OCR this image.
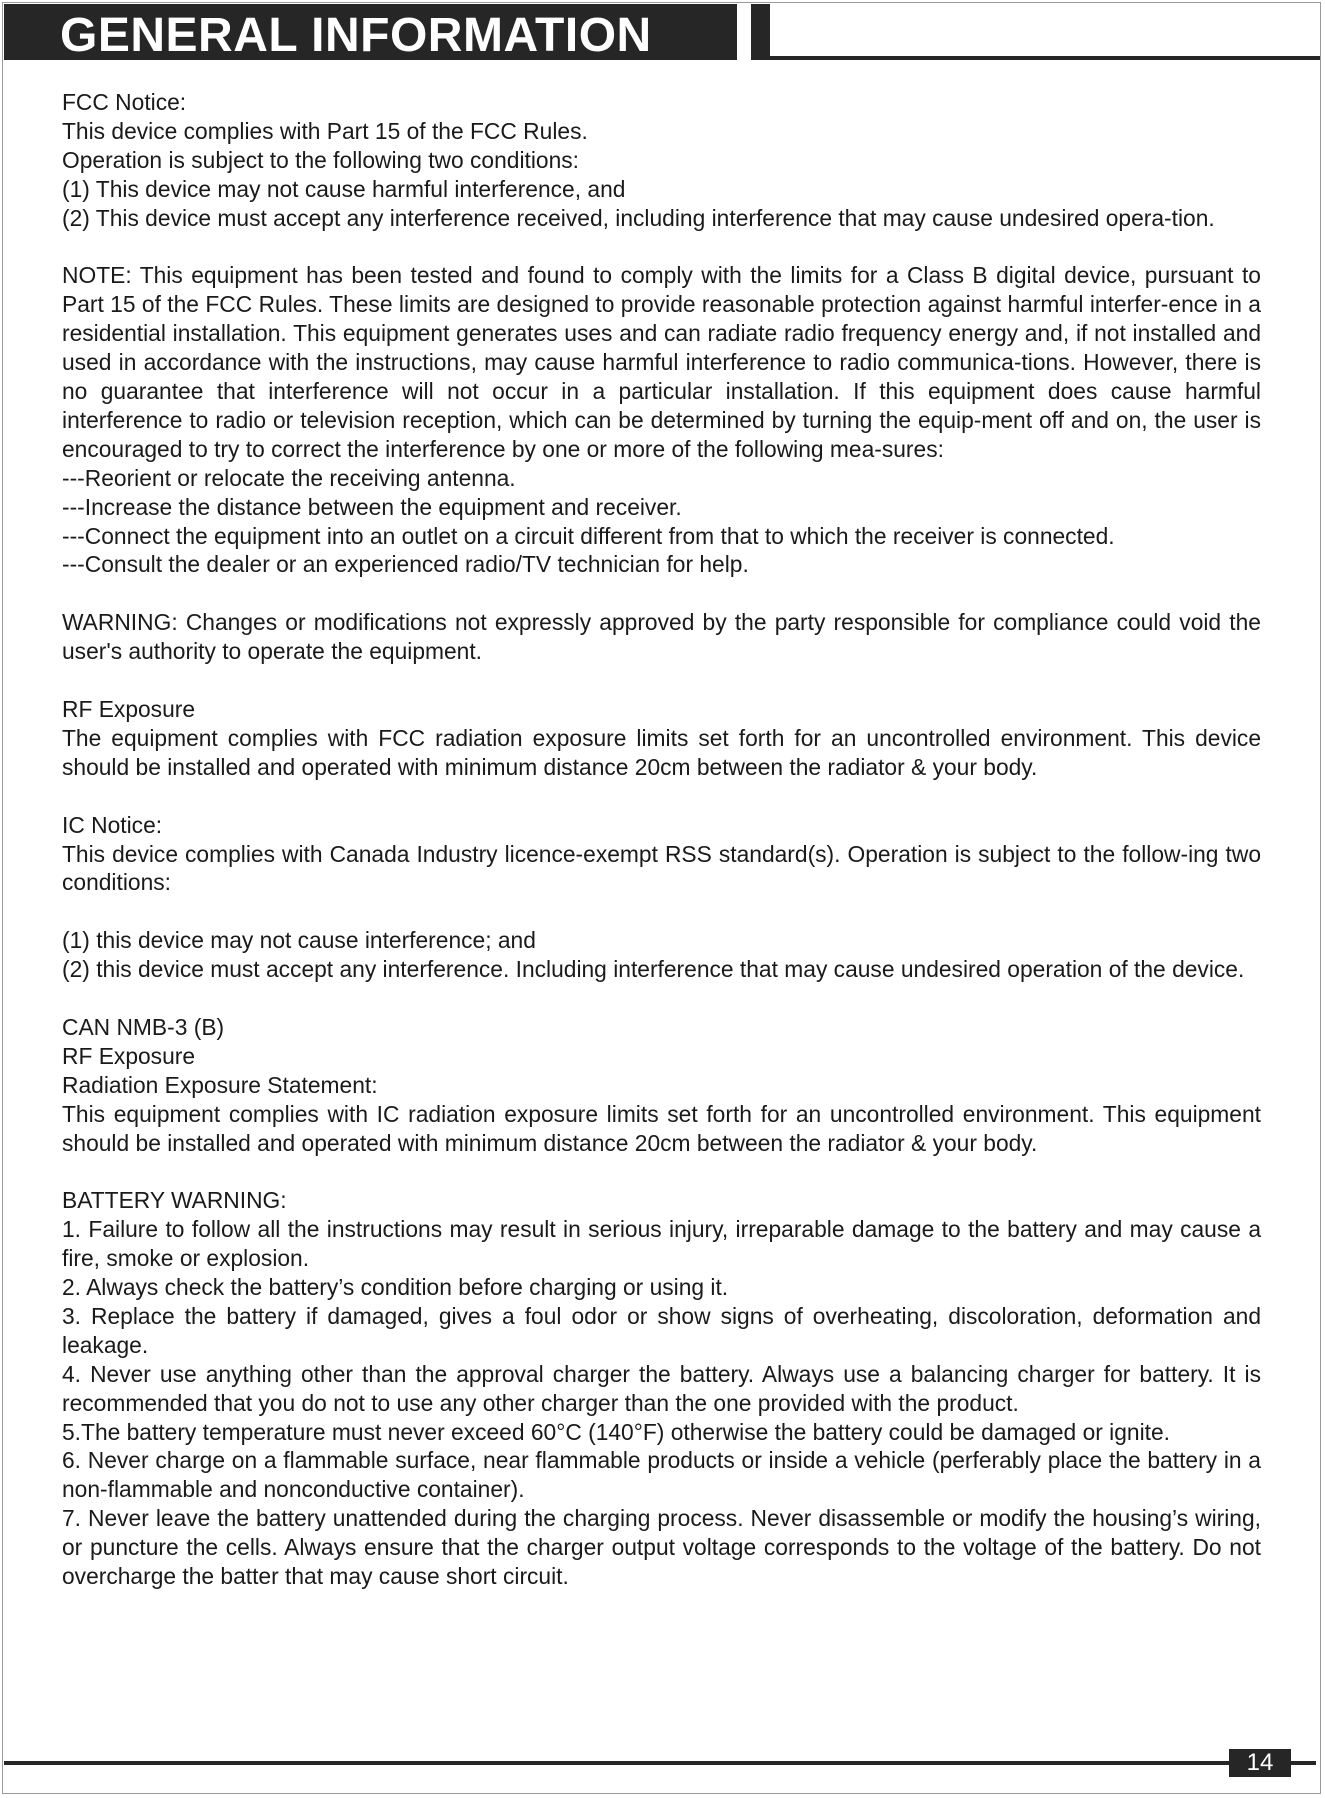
GENERAL INFORMATION
FCC Notice:
This device complies with Part 15 of the FCC Rules.
Operation is subject to the following two conditions:
(1) This device may not cause harmful interference, and
(2) This device must accept any interference received, including interference that may cause undesired opera-tion.
NOTE: This equipment has been tested and found to comply with the limits for a Class B digital device, pursuant to Part 15 of the FCC Rules. These limits are designed to provide reasonable protection against harmful interfer-ence in a residential installation. This equipment generates uses and can radiate radio frequency energy and, if not installed and used in accordance with the instructions, may cause harmful interference to radio communica-tions. However, there is no guarantee that interference will not occur in a particular installation. If this equipment does cause harmful interference to radio or television reception, which can be determined by turning the equip-ment off and on, the user is encouraged to try to correct the interference by one or more of the following mea-sures:
---Reorient or relocate the receiving antenna.
---Increase the distance between the equipment and receiver.
---Connect the equipment into an outlet on a circuit different from that to which the receiver is connected.
---Consult the dealer or an experienced radio/TV technician for help.
WARNING: Changes or modifications not expressly approved by the party responsible for compliance could void the user's authority to operate the equipment.
RF Exposure
The equipment complies with FCC radiation exposure limits set forth for an uncontrolled environment. This device should be installed and operated with minimum distance 20cm between the radiator & your body.
IC Notice:
This device complies with Canada Industry licence-exempt RSS standard(s). Operation is subject to the follow-ing two conditions:
(1) this device may not cause interference; and
(2) this device must accept any interference. Including interference that may cause undesired operation of the device.
CAN NMB-3 (B)
RF Exposure
Radiation Exposure Statement:
This equipment complies with IC radiation exposure limits set forth for an uncontrolled environment. This equipment should be installed and operated with minimum distance 20cm between the radiator & your body.
BATTERY WARNING:
1. Failure to follow all the instructions may result in serious injury, irreparable damage to the battery and may cause a fire, smoke or explosion.
2. Always check the battery’s condition before charging or using it.
3. Replace the battery if damaged, gives a foul odor or show signs of overheating, discoloration, deformation and leakage.
4. Never use anything other than the approval charger the battery. Always use a balancing charger for battery. It is recommended that you do not to use any other charger than the one provided with the product.
5.The battery temperature must never exceed 60°C (140°F) otherwise the battery could be damaged or ignite.
6. Never charge on a flammable surface, near flammable products or inside a vehicle (perferably place the battery in a non-flammable and nonconductive container).
7. Never leave the battery unattended during the charging process. Never disassemble or modify the housing’s wiring, or puncture the cells. Always ensure that the charger output voltage corresponds to the voltage of the battery. Do not overcharge the batter that may cause short circuit.
14
